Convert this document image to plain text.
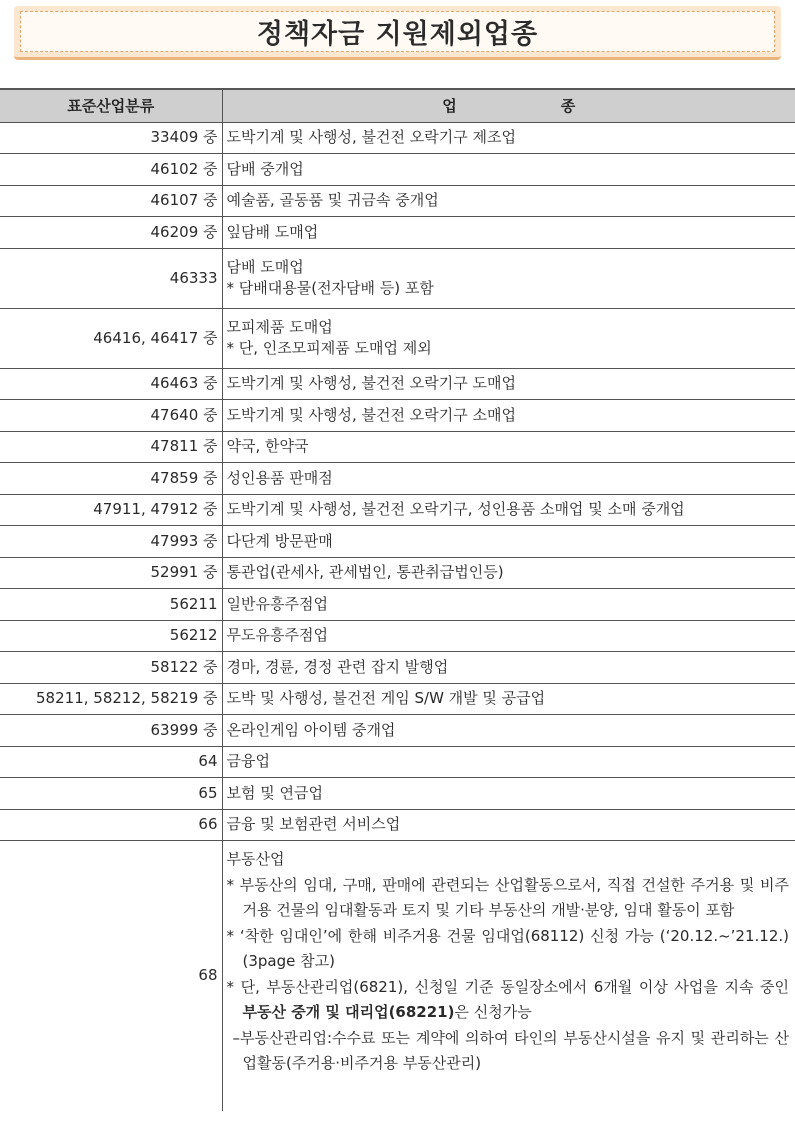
정책자금 지원제외업종
표준산업분류	업 종
33409 중	도박기계 및 사행성, 불건전 오락기구 제조업

46102 중	담배 중개업

46107 중	예술품, 골동품 및 귀금속 중개업

46209 중	잎담배 도매업

46333	담배 도매업
* 담배대용물(전자담배 등) 포함

46416, 46417 중	모피제품 도매업
* 단, 인조모피제품 도매업 제외

46463 중	도박기계 및 사행성, 불건전 오락기구 도매업

47640 중	도박기계 및 사행성, 불건전 오락기구 소매업

47811 중	약국, 한약국

47859 중	성인용품 판매점

47911, 47912 중	도박기계 및 사행성, 불건전 오락기구, 성인용품 소매업 및 소매 중개업

47993 중	다단계 방문판매

52991 중	통관업(관세사, 관세법인, 통관취급법인등)

56211	일반유흥주점업

56212	무도유흥주점업

58122 중	경마, 경륜, 경정 관련 잡지 발행업

58211, 58212, 58219 중	도박 및 사행성, 불건전 게임 S/W 개발 및 공급업

63999 중	온라인게임 아이템 중개업

64	금융업

65	보험 및 연금업

66	금융 및 보험관련 서비스업

68	부동산업
* 부동산의 임대, 구매, 판매에 관련되는 산업활동으로서, 직접 건설한 주거용 및 비주거용 건물의 임대활동과 토지 및 기타 부동산의 개발·분양, 임대 활동이 포함
* ‘착한 임대인’에 한해 비주거용 건물 임대업(68112) 신청 가능 (‘20.12.~’21.12.) (3page 참고)
* 단, 부동산관리업(6821), 신청일 기준 동일장소에서 6개월 이상 사업을 지속 중인 부동산 중개 및 대리업(68221)은 신청가능
–부동산관리업:수수료 또는 계약에 의하여 타인의 부동산시설을 유지 및 관리하는 산업활동(주거용·비주거용 부동산관리)
